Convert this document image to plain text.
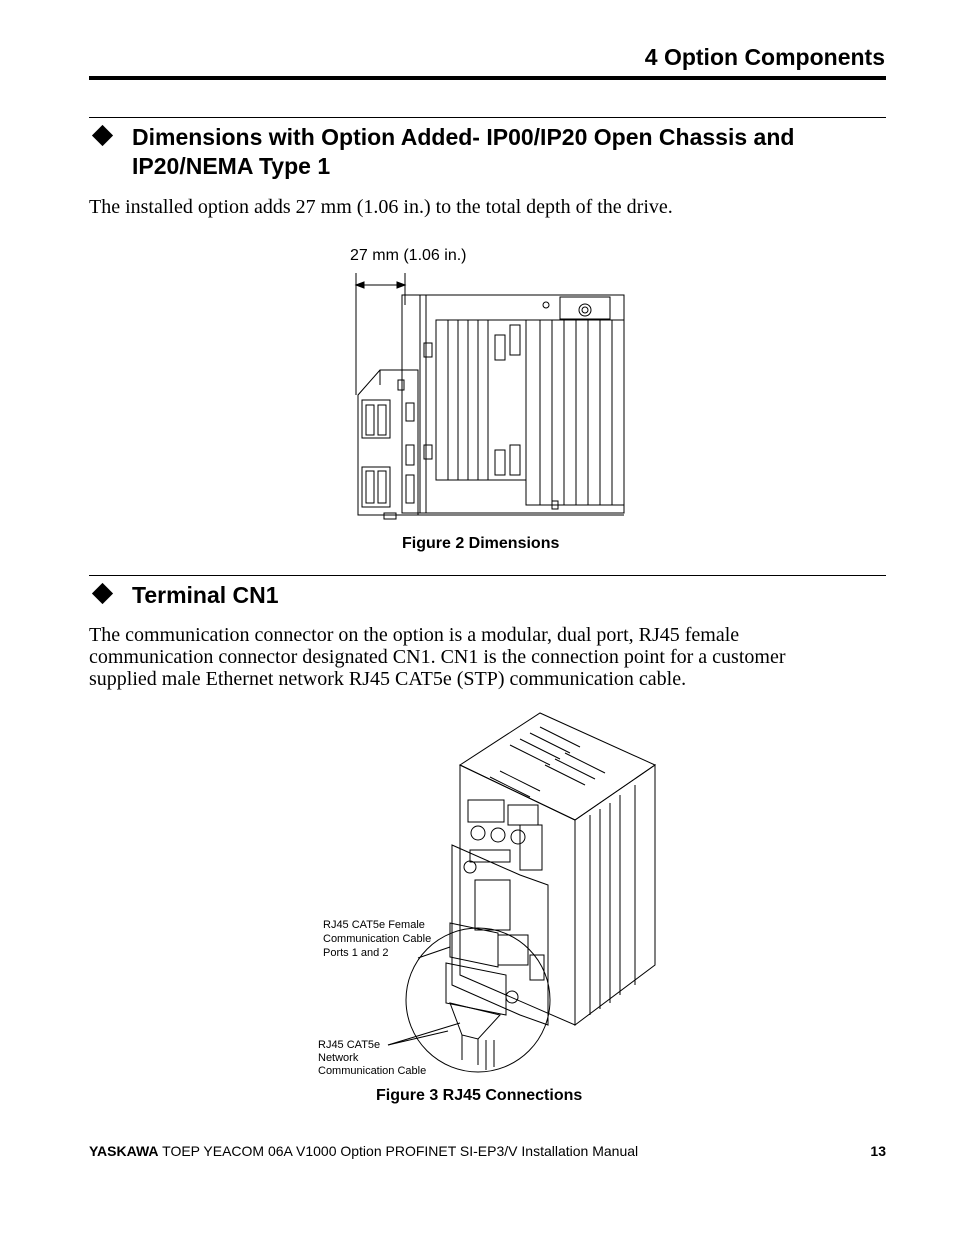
4 Option Components
Dimensions with Option Added- IP00/IP20 Open Chassis and
IP20/NEMA Type 1
The installed option adds 27 mm (1.06 in.) to the total depth of the drive.
27 mm (1.06 in.)
Figure 2 Dimensions
Terminal CN1
The communication connector on the option is a modular, dual port, RJ45 female
communication connector designated CN1. CN1 is the connection point for a customer
supplied male Ethernet network RJ45 CAT5e (STP) communication cable.
RJ45 CAT5e Female
Communication Cable
Ports 1 and 2
RJ45 CAT5e
Network
Communication Cable
Figure 3 RJ45 Connections
YASKAWA TOEP YEACOM 06A V1000 Option PROFINET SI-EP3/V Installation Manual	13
